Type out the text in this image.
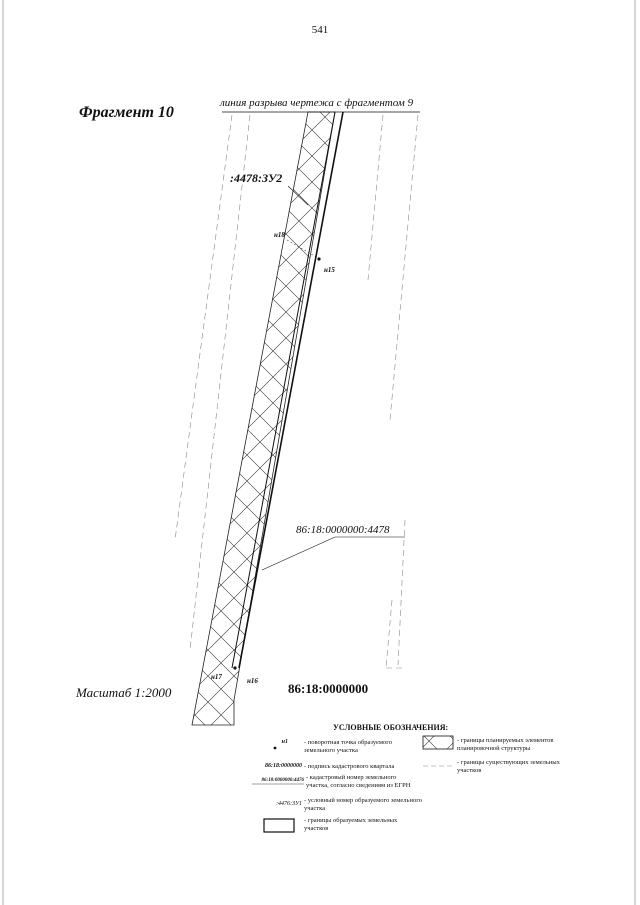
541
Фрагмент 10
линия разрыва чертежа с фрагментом 9
:4478:ЗУ2
86:18:0000000:4478
86:18:0000000
Масштаб 1:2000
н18
н15
н17	н16
УСЛОВНЫЕ ОБОЗНАЧЕНИЯ:
н1 - поворотная точка образуемого земельного участка
86:18:0000000 - подпись кадастрового квартала
86:18:0000000:4476 - кадастровый номер земельного участка, согласно сведениям из ЕГРН
:4476:ЗУ1 - условный номер образуемого земельного участка
- границы образуемых земельных участков
- границы планируемых элементов планировочной структуры
- границы существующих земельных участков
